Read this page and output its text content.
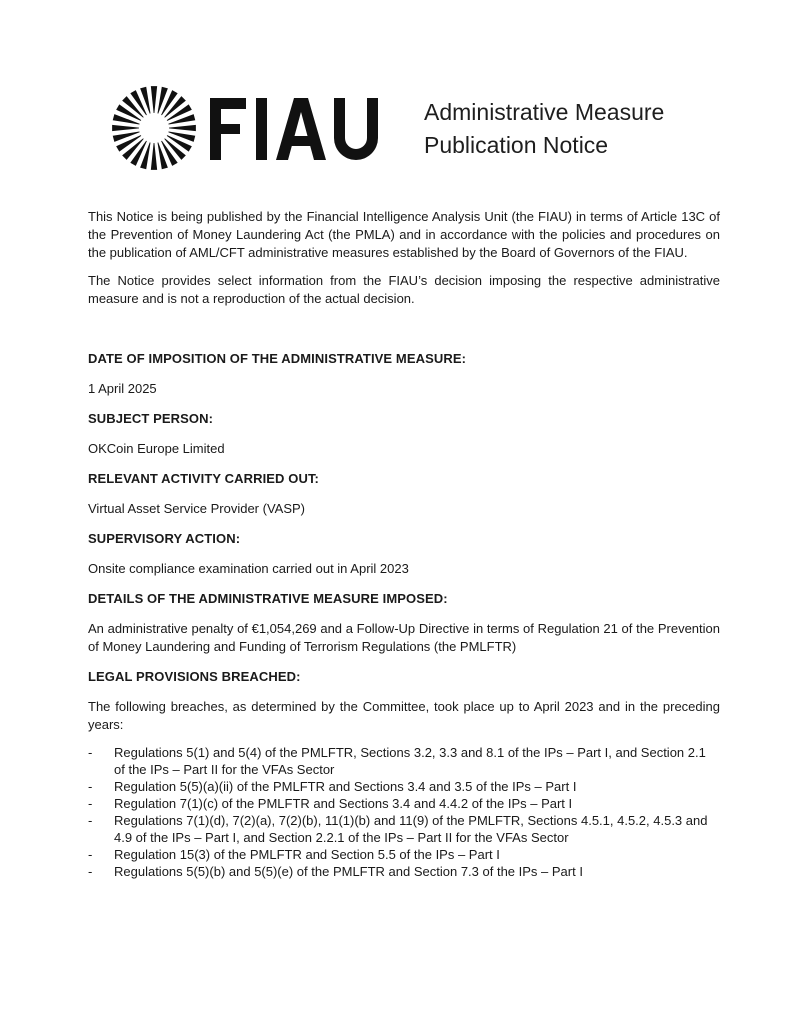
Administrative Measure
Publication Notice

This Notice is being published by the Financial Intelligence Analysis Unit (the FIAU) in terms of Article 13C of the Prevention of Money Laundering Act (the PMLA) and in accordance with the policies and procedures on the publication of AML/CFT administrative measures established by the Board of Governors of the FIAU.

The Notice provides select information from the FIAU’s decision imposing the respective administrative measure and is not a reproduction of the actual decision.

DATE OF IMPOSITION OF THE ADMINISTRATIVE MEASURE:
1 April 2025
SUBJECT PERSON:
OKCoin Europe Limited
RELEVANT ACTIVITY CARRIED OUT:
Virtual Asset Service Provider (VASP)
SUPERVISORY ACTION:
Onsite compliance examination carried out in April 2023
DETAILS OF THE ADMINISTRATIVE MEASURE IMPOSED:
An administrative penalty of €1,054,269 and a Follow-Up Directive in terms of Regulation 21 of the Prevention of Money Laundering and Funding of Terrorism Regulations (the PMLFTR)
LEGAL PROVISIONS BREACHED:

The following breaches, as determined by the Committee, took place up to April 2023 and in the preceding years:

- Regulations 5(1) and 5(4) of the PMLFTR, Sections 3.2, 3.3 and 8.1 of the IPs – Part I, and Section 2.1 of the IPs – Part II for the VFAs Sector
- Regulation 5(5)(a)(ii) of the PMLFTR and Sections 3.4 and 3.5 of the IPs – Part I
- Regulation 7(1)(c) of the PMLFTR and Sections 3.4 and 4.4.2 of the IPs – Part I
- Regulations 7(1)(d), 7(2)(a), 7(2)(b), 11(1)(b) and 11(9) of the PMLFTR, Sections 4.5.1, 4.5.2, 4.5.3 and 4.9 of the IPs – Part I, and Section 2.2.1 of the IPs – Part II for the VFAs Sector
- Regulation 15(3) of the PMLFTR and Section 5.5 of the IPs – Part I
- Regulations 5(5)(b) and 5(5)(e) of the PMLFTR and Section 7.3 of the IPs – Part I
